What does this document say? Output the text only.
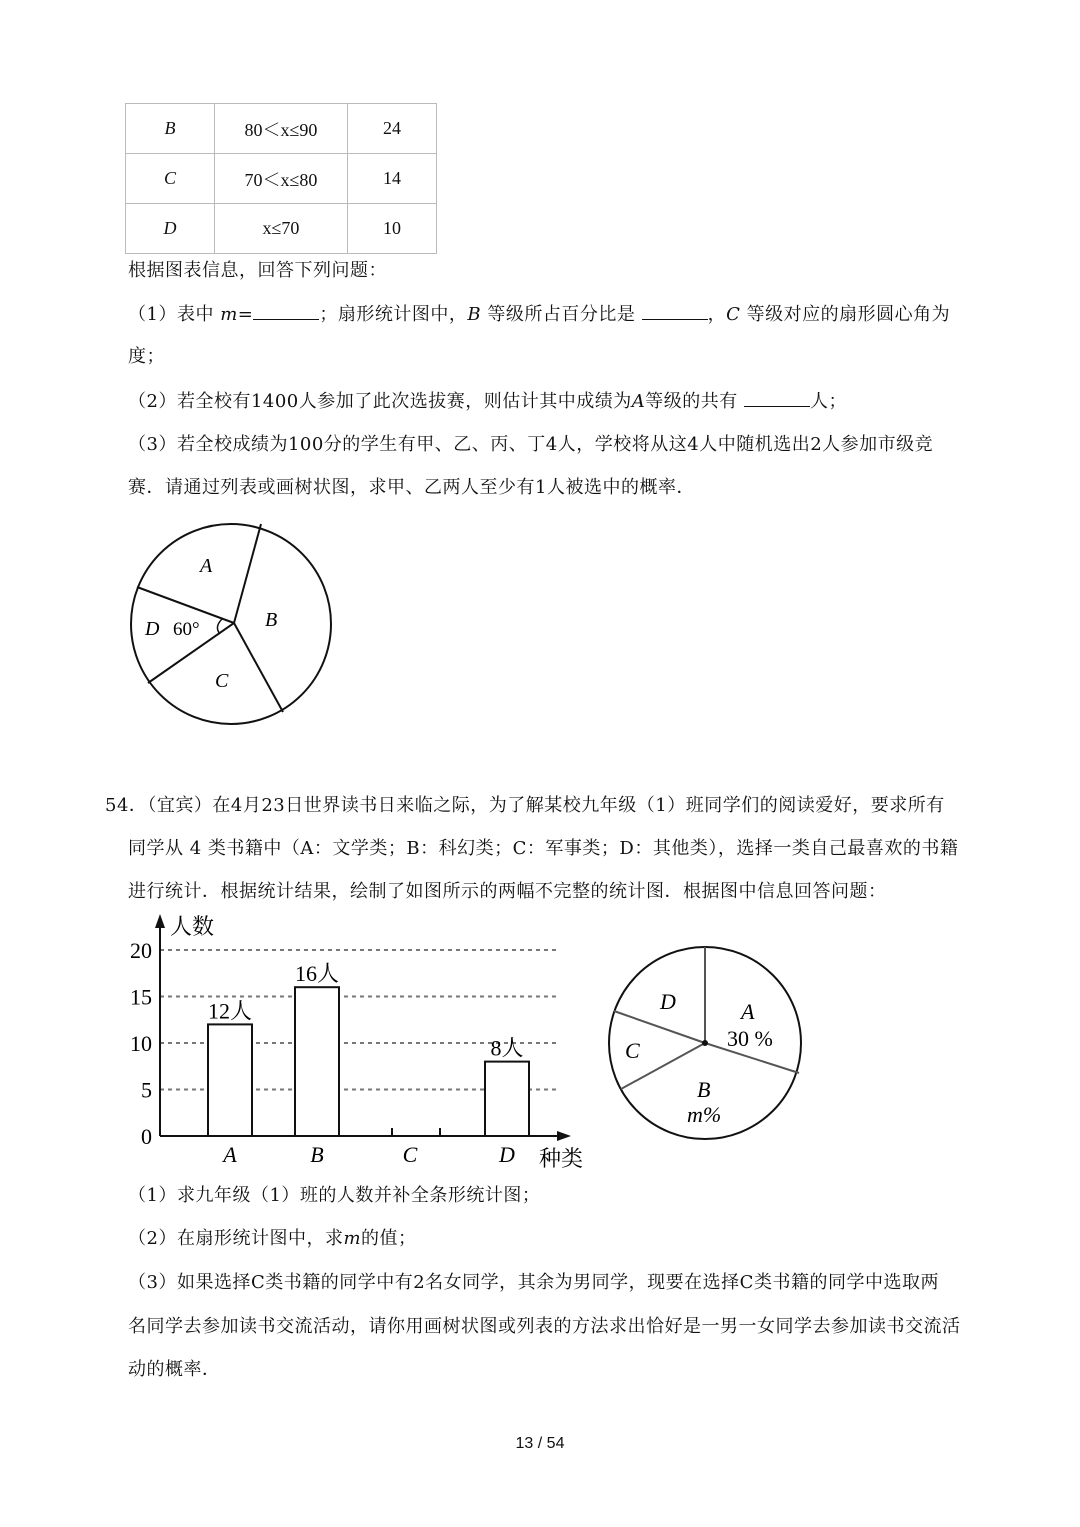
B	80＜x≤90	24
C	70＜x≤80	14
D	x≤70	10
根据图表信息，回答下列问题：
（1）表中 m=	；扇形统计图中，B 等级所占百分比是	，C 等级对应的扇形圆心角为
度；
（2）若全校有1400人参加了此次选拔赛，则估计其中成绩为A等级的共有	人；
（3）若全校成绩为100分的学生有甲、乙、丙、丁4人，学校将从这4人中随机选出2人参加市级竞
赛．请通过列表或画树状图，求甲、乙两人至少有1人被选中的概率．
A
B
C
D 60°
54．（宜宾）在4月23日世界读书日来临之际，为了解某校九年级（1）班同学们的阅读爱好，要求所有
同学从 4 类书籍中（A：文学类；B：科幻类；C：军事类；D：其他类），选择一类自己最喜欢的书籍
进行统计．根据统计结果，绘制了如图所示的两幅不完整的统计图．根据图中信息回答问题：
0
5
10
15
20
人数
种类
A
12人
B
16人
C	D
8人
D	A
30 %
C
B
m%
（1）求九年级（1）班的人数并补全条形统计图；
（2）在扇形统计图中，求m的值；
（3）如果选择C类书籍的同学中有2名女同学，其余为男同学，现要在选择C类书籍的同学中选取两
名同学去参加读书交流活动，请你用画树状图或列表的方法求出恰好是一男一女同学去参加读书交流活
动的概率．
13 / 54
